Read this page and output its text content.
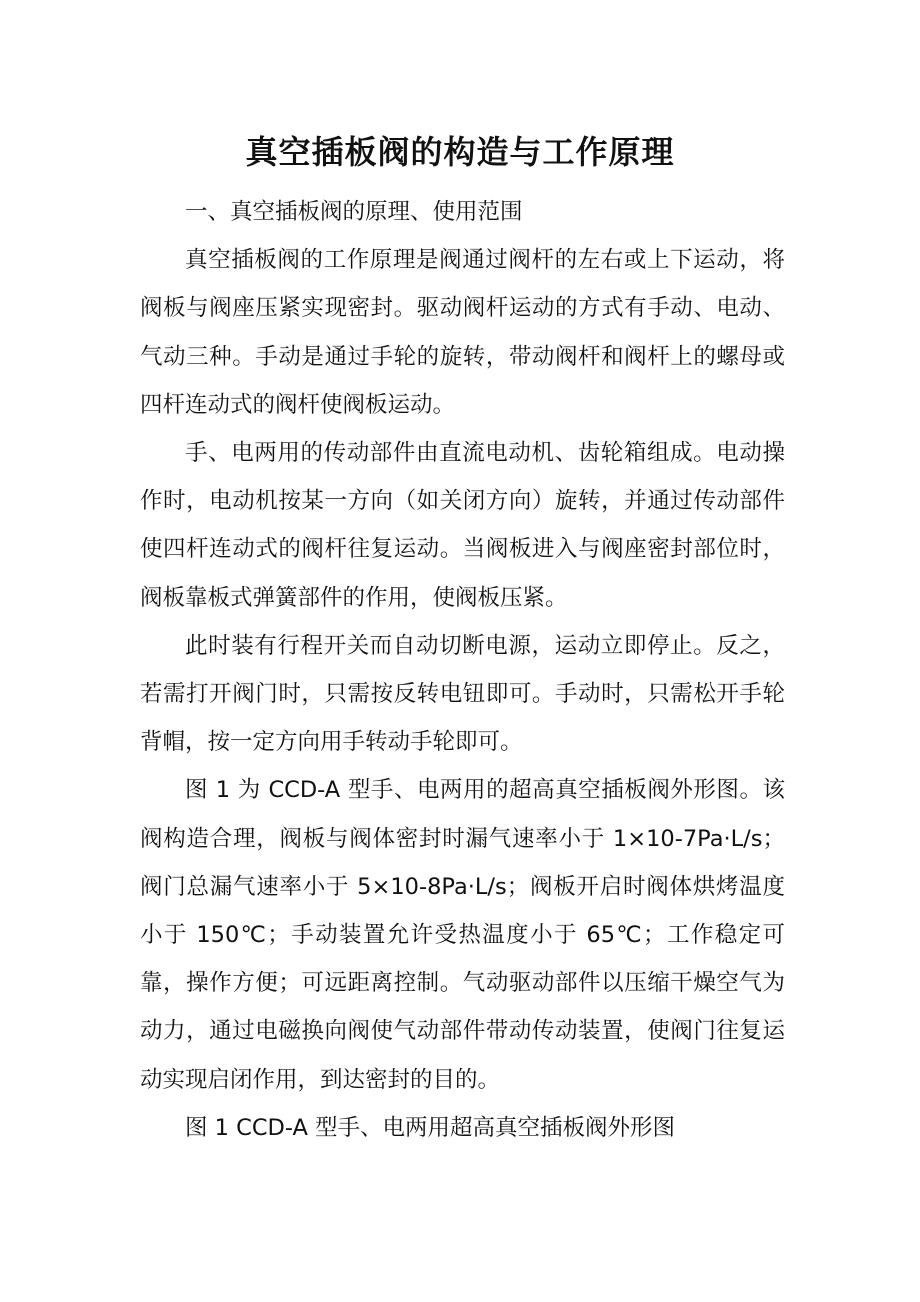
真空插板阀的构造与工作原理

一、真空插板阀的原理、使用范围

真空插板阀的工作原理是阀通过阀杆的左右或上下运动，将阀板与阀座压紧实现密封。驱动阀杆运动的方式有手动、电动、气动三种。手动是通过手轮的旋转，带动阀杆和阀杆上的螺母或四杆连动式的阀杆使阀板运动。

手、电两用的传动部件由直流电动机、齿轮箱组成。电动操作时，电动机按某一方向（如关闭方向）旋转，并通过传动部件使四杆连动式的阀杆往复运动。当阀板进入与阀座密封部位时，阀板靠板式弹簧部件的作用，使阀板压紧。

此时装有行程开关而自动切断电源，运动立即停止。反之，若需打开阀门时，只需按反转电钮即可。手动时，只需松开手轮背帽，按一定方向用手转动手轮即可。

图 1 为 CCD-A 型手、电两用的超高真空插板阀外形图。该阀构造合理，阀板与阀体密封时漏气速率小于 1×10-7Pa·L/s；阀门总漏气速率小于 5×10-8Pa·L/s；阀板开启时阀体烘烤温度小于 150℃；手动装置允许受热温度小于 65℃；工作稳定可靠，操作方便；可远距离控制。气动驱动部件以压缩干燥空气为动力，通过电磁换向阀使气动部件带动传动装置，使阀门往复运动实现启闭作用，到达密封的目的。

图 1 CCD-A 型手、电两用超高真空插板阀外形图
